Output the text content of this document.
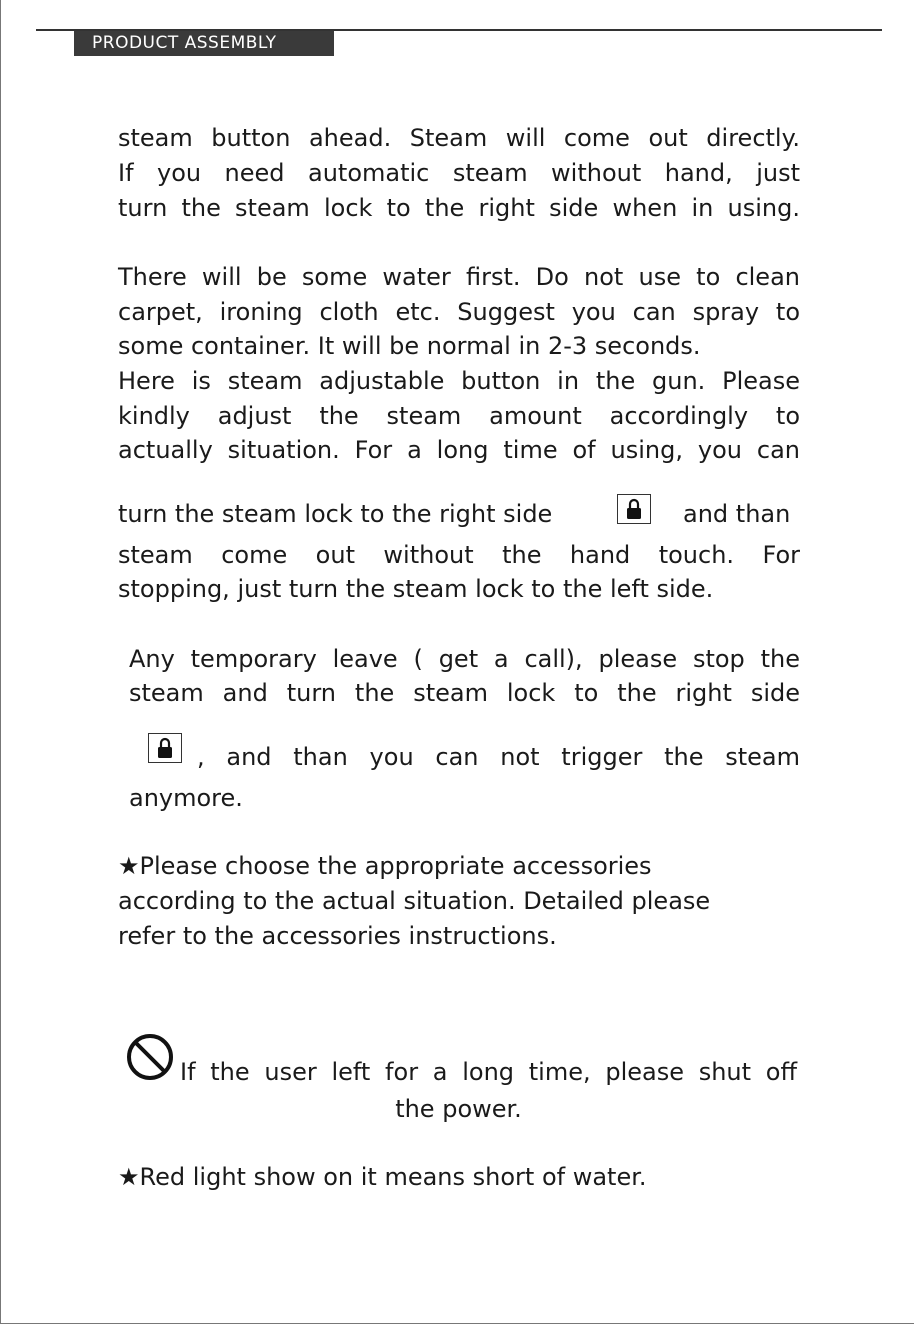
PRODUCT ASSEMBLY
steam button ahead. Steam will come out directly.
If you need automatic steam without hand, just
turn the steam lock to the right side when in using.
There will be some water first. Do not use to clean
carpet, ironing cloth etc. Suggest you can spray to
some container. It will be normal in 2-3 seconds.
Here is steam adjustable button in the gun. Please
kindly adjust the steam amount accordingly to
actually situation. For a long time of using, you can
turn the steam lock to the right side	and than
steam come out without the hand touch. For
stopping, just turn the steam lock to the left side.
Any temporary leave ( get a call), please stop the
steam and turn the steam lock to the right side
, and than you can not trigger the steam
anymore.
★Please choose the appropriate accessories
according to the actual situation. Detailed please
refer to the accessories instructions.
If the user left for a long time, please shut off
the power.
★Red light show on it means short of water.
